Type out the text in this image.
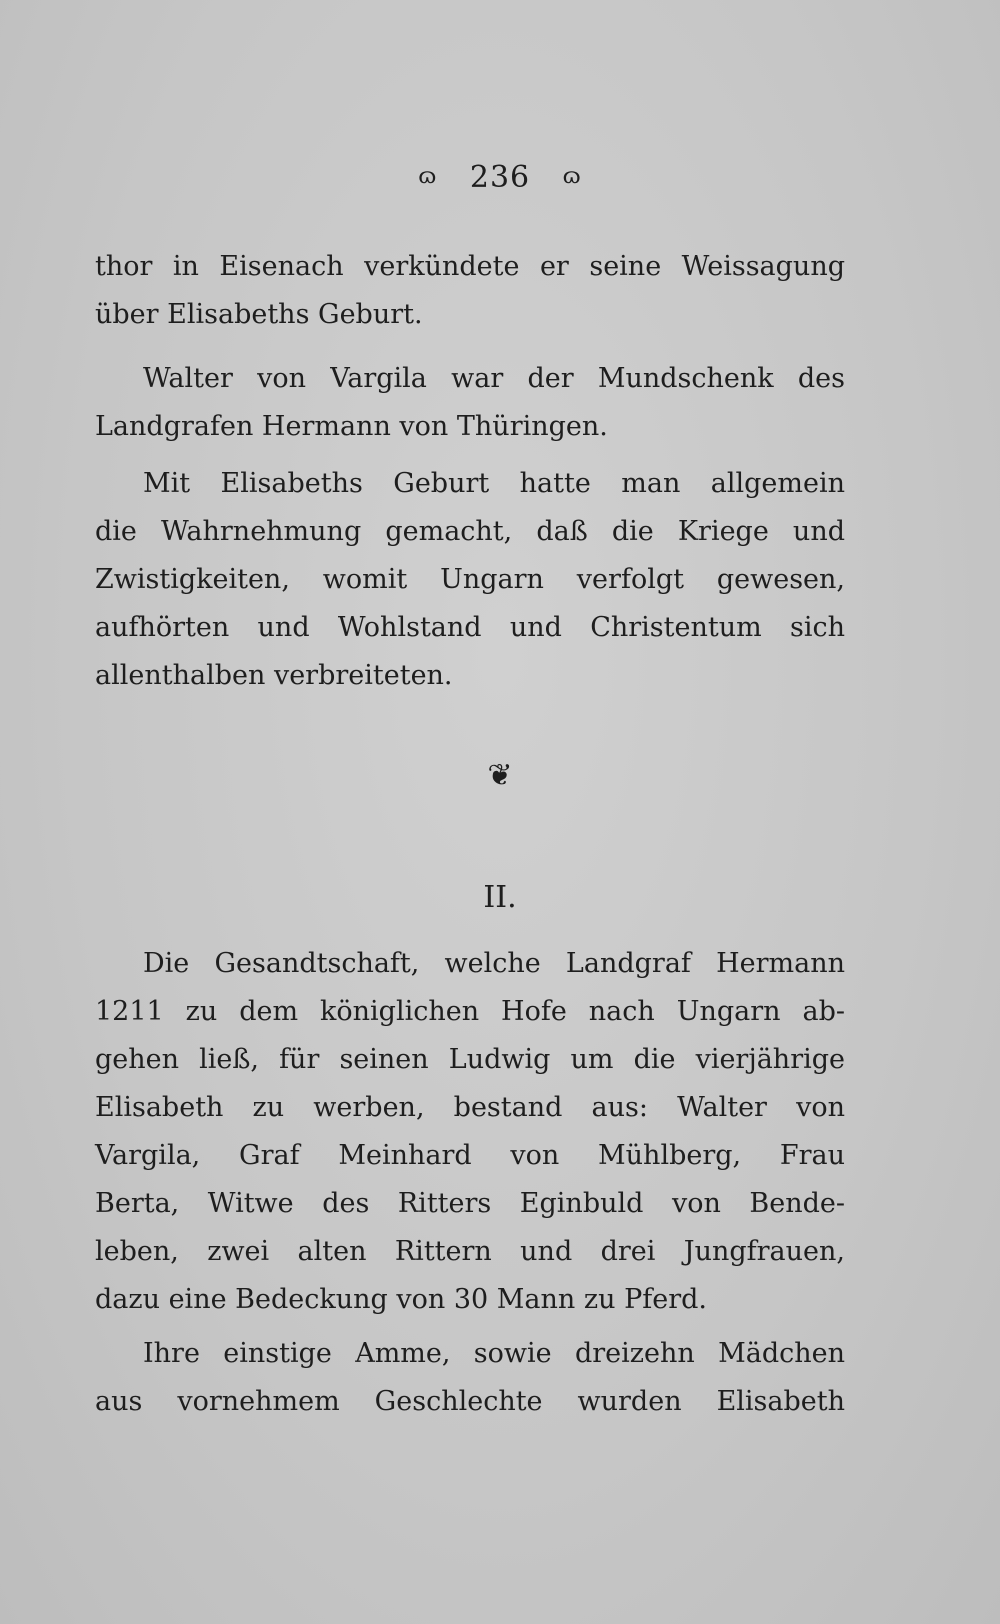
ɷ 236 ɷ
thor in Eisenach verkündete er seine Weissagung
über Elisabeths Geburt.
Walter von Vargila war der Mundschenk des
Landgrafen Hermann von Thüringen.
Mit Elisabeths Geburt hatte man allgemein
die Wahrnehmung gemacht, daß die Kriege und
Zwistigkeiten, womit Ungarn verfolgt gewesen,
aufhörten und Wohlstand und Christentum sich
allenthalben verbreiteten.
❦
II.
Die Gesandtschaft, welche Landgraf Hermann
1211 zu dem königlichen Hofe nach Ungarn ab-
gehen ließ, für seinen Ludwig um die vierjährige
Elisabeth zu werben, bestand aus: Walter von
Vargila, Graf Meinhard von Mühlberg, Frau
Berta, Witwe des Ritters Eginbuld von Bende-
leben, zwei alten Rittern und drei Jungfrauen,
dazu eine Bedeckung von 30 Mann zu Pferd.
Ihre einstige Amme, sowie dreizehn Mädchen
aus vornehmem Geschlechte wurden Elisabeth
